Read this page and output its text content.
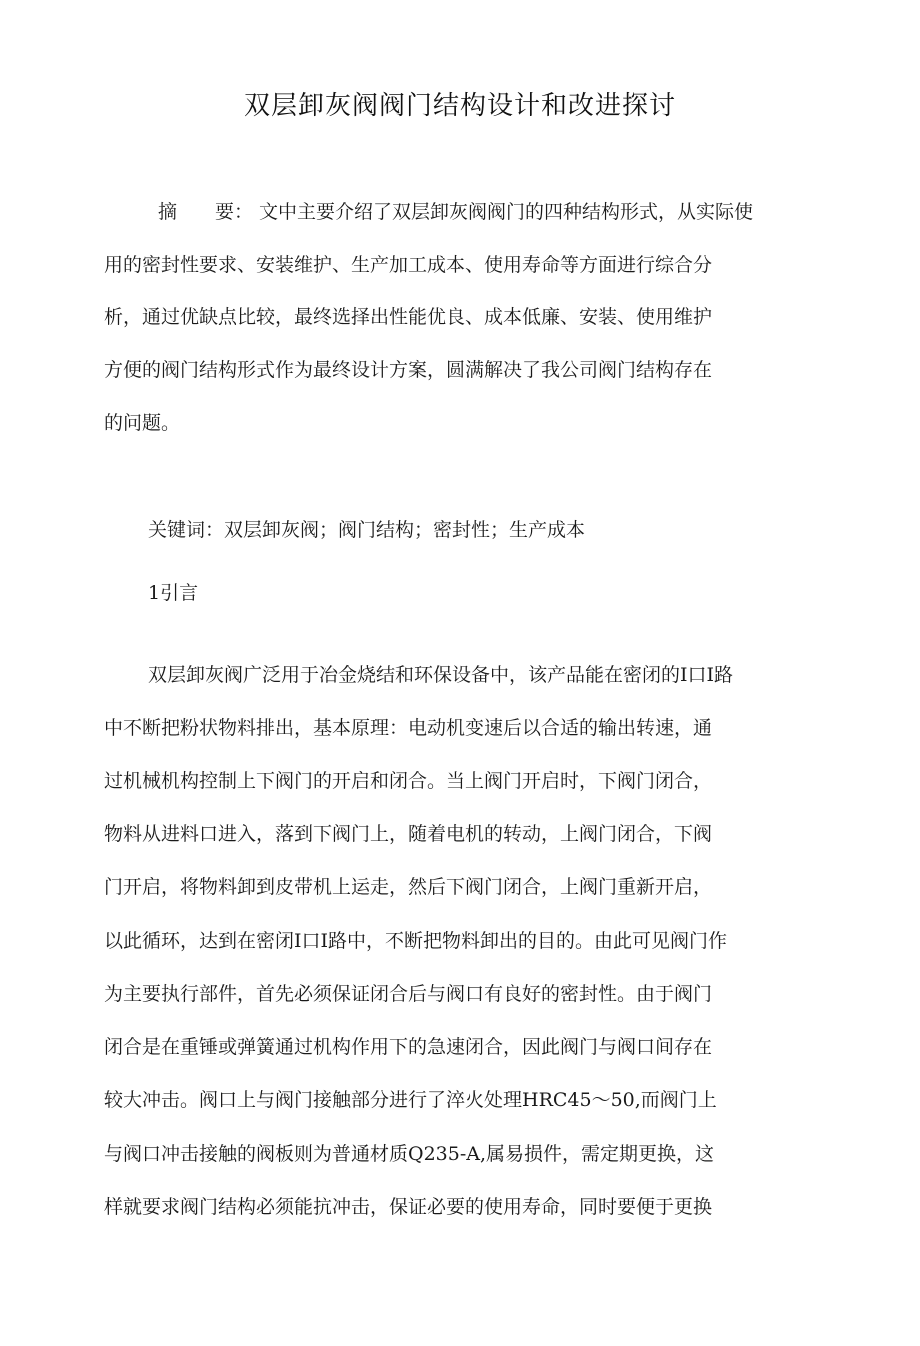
双层卸灰阀阀门结构设计和改进探讨
摘 要： 文中主要介绍了双层卸灰阀阀门的四种结构形式，从实际使
用的密封性要求、安装维护、生产加工成本、使用寿命等方面进行综合分
析，通过优缺点比较，最终选择出性能优良、成本低廉、安装、使用维护
方便的阀门结构形式作为最终设计方案，圆满解决了我公司阀门结构存在
的问题。
关键词：双层卸灰阀；阀门结构；密封性；生产成本
1引言
双层卸灰阀广泛用于冶金烧结和环保设备中，该产品能在密闭的I口I路
中不断把粉状物料排出，基本原理：电动机变速后以合适的输出转速，通
过机械机构控制上下阀门的开启和闭合。当上阀门开启时，下阀门闭合，
物料从进料口进入，落到下阀门上，随着电机的转动，上阀门闭合，下阀
门开启，将物料卸到皮带机上运走，然后下阀门闭合，上阀门重新开启，
以此循环，达到在密闭I口I路中，不断把物料卸出的目的。由此可见阀门作
为主要执行部件，首先必须保证闭合后与阀口有良好的密封性。由于阀门
闭合是在重锤或弹簧通过机构作用下的急速闭合，因此阀门与阀口间存在
较大冲击。阀口上与阀门接触部分进行了淬火处理HRC45〜50,而阀门上
与阀口冲击接触的阀板则为普通材质Q235-A,属易损件，需定期更换，这
样就要求阀门结构必须能抗冲击，保证必要的使用寿命，同时要便于更换
